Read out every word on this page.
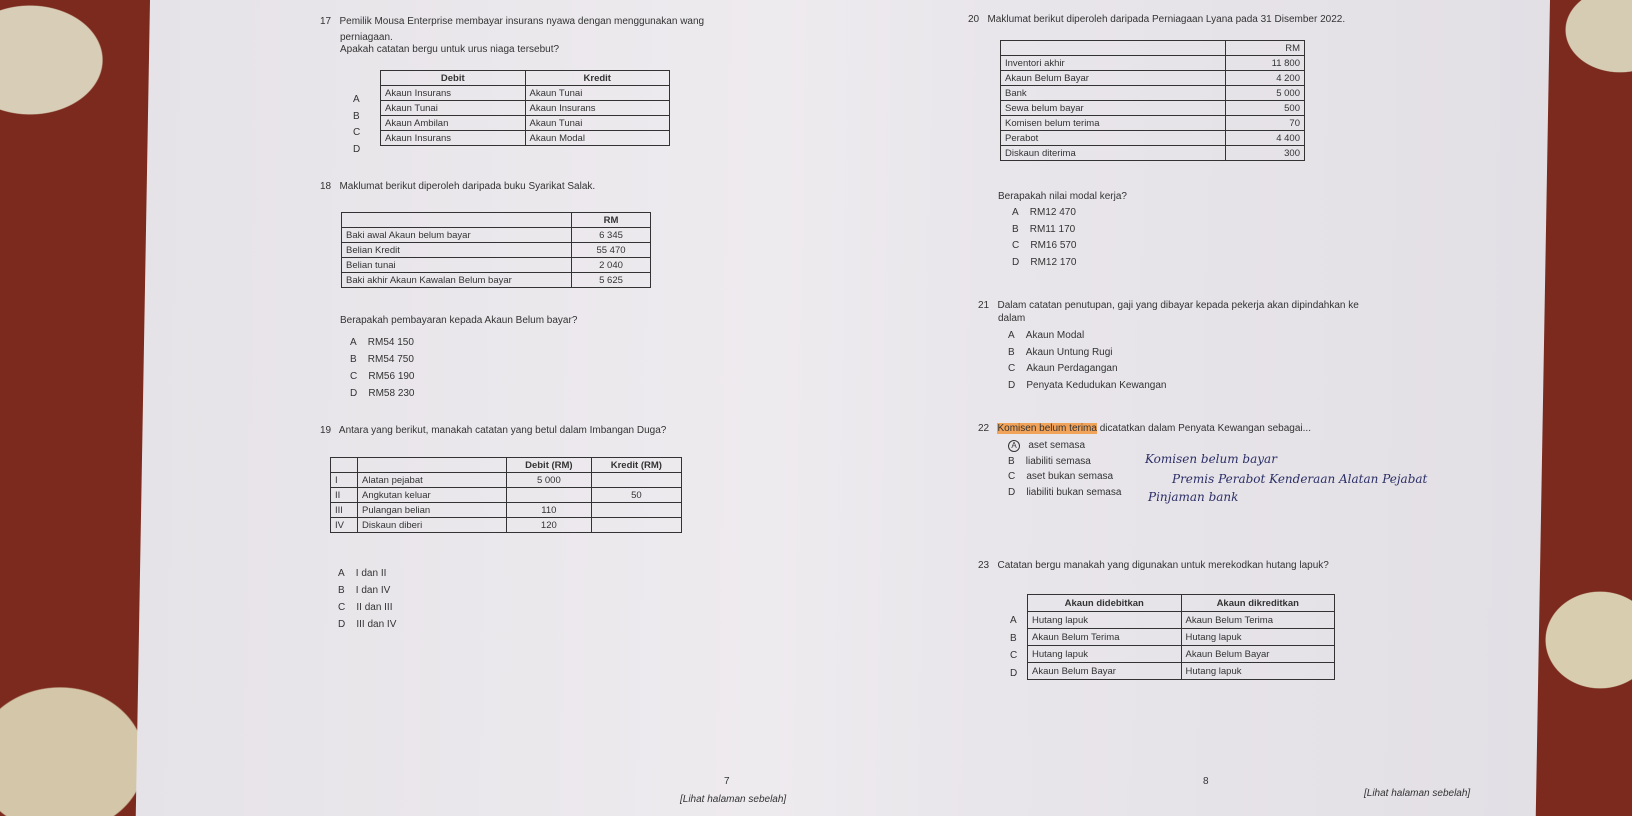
17 Pemilik Mousa Enterprise membayar insurans nyawa dengan menggunakan wang
perniagaan.
Apakah catatan bergu untuk urus niaga tersebut?
A
B
C
D
Debit	Kredit
Akaun Insurans	Akaun Tunai
Akaun Tunai	Akaun Insurans
Akaun Ambilan	Akaun Tunai
Akaun Insurans	Akaun Modal
18 Maklumat berikut diperoleh daripada buku Syarikat Salak.
	RM
Baki awal Akaun belum bayar	6 345
Belian Kredit	55 470
Belian tunai	2 040
Baki akhir Akaun Kawalan Belum bayar	5 625
Berapakah pembayaran kepada Akaun Belum bayar?
A RM54 150
B RM54 750
C RM56 190
D RM58 230
19 Antara yang berikut, manakah catatan yang betul dalam Imbangan Duga?
		Debit (RM)	Kredit (RM)
I	Alatan pejabat	5 000	
II	Angkutan keluar		50
III	Pulangan belian	110	
IV	Diskaun diberi	120	
A I dan II
B I dan IV
C II dan III
D III dan IV
20 Maklumat berikut diperoleh daripada Perniagaan Lyana pada 31 Disember 2022.
	RM
Inventori akhir	11 800
Akaun Belum Bayar	4 200
Bank	5 000
Sewa belum bayar	500
Komisen belum terima	70
Perabot	4 400
Diskaun diterima	300
Berapakah nilai modal kerja?
A RM12 470
B RM11 170
C RM16 570
D RM12 170
21 Dalam catatan penutupan, gaji yang dibayar kepada pekerja akan dipindahkan ke
dalam
A Akaun Modal
B Akaun Untung Rugi
C Akaun Perdagangan
D Penyata Kedudukan Kewangan
22 Komisen belum terima dicatatkan dalam Penyata Kewangan sebagai...
A aset semasa
B liabiliti semasa
C aset bukan semasa
D liabiliti bukan semasa
Komisen belum bayar
Premis Perabot Kenderaan Alatan Pejabat
Pinjaman bank
23 Catatan bergu manakah yang digunakan untuk merekodkan hutang lapuk?
A
B
C
D
Akaun didebitkan	Akaun dikreditkan
Hutang lapuk	Akaun Belum Terima
Akaun Belum Terima	Hutang lapuk
Hutang lapuk	Akaun Belum Bayar
Akaun Belum Bayar	Hutang lapuk
7	8
[Lihat halaman sebelah]
[Lihat halaman sebelah]
